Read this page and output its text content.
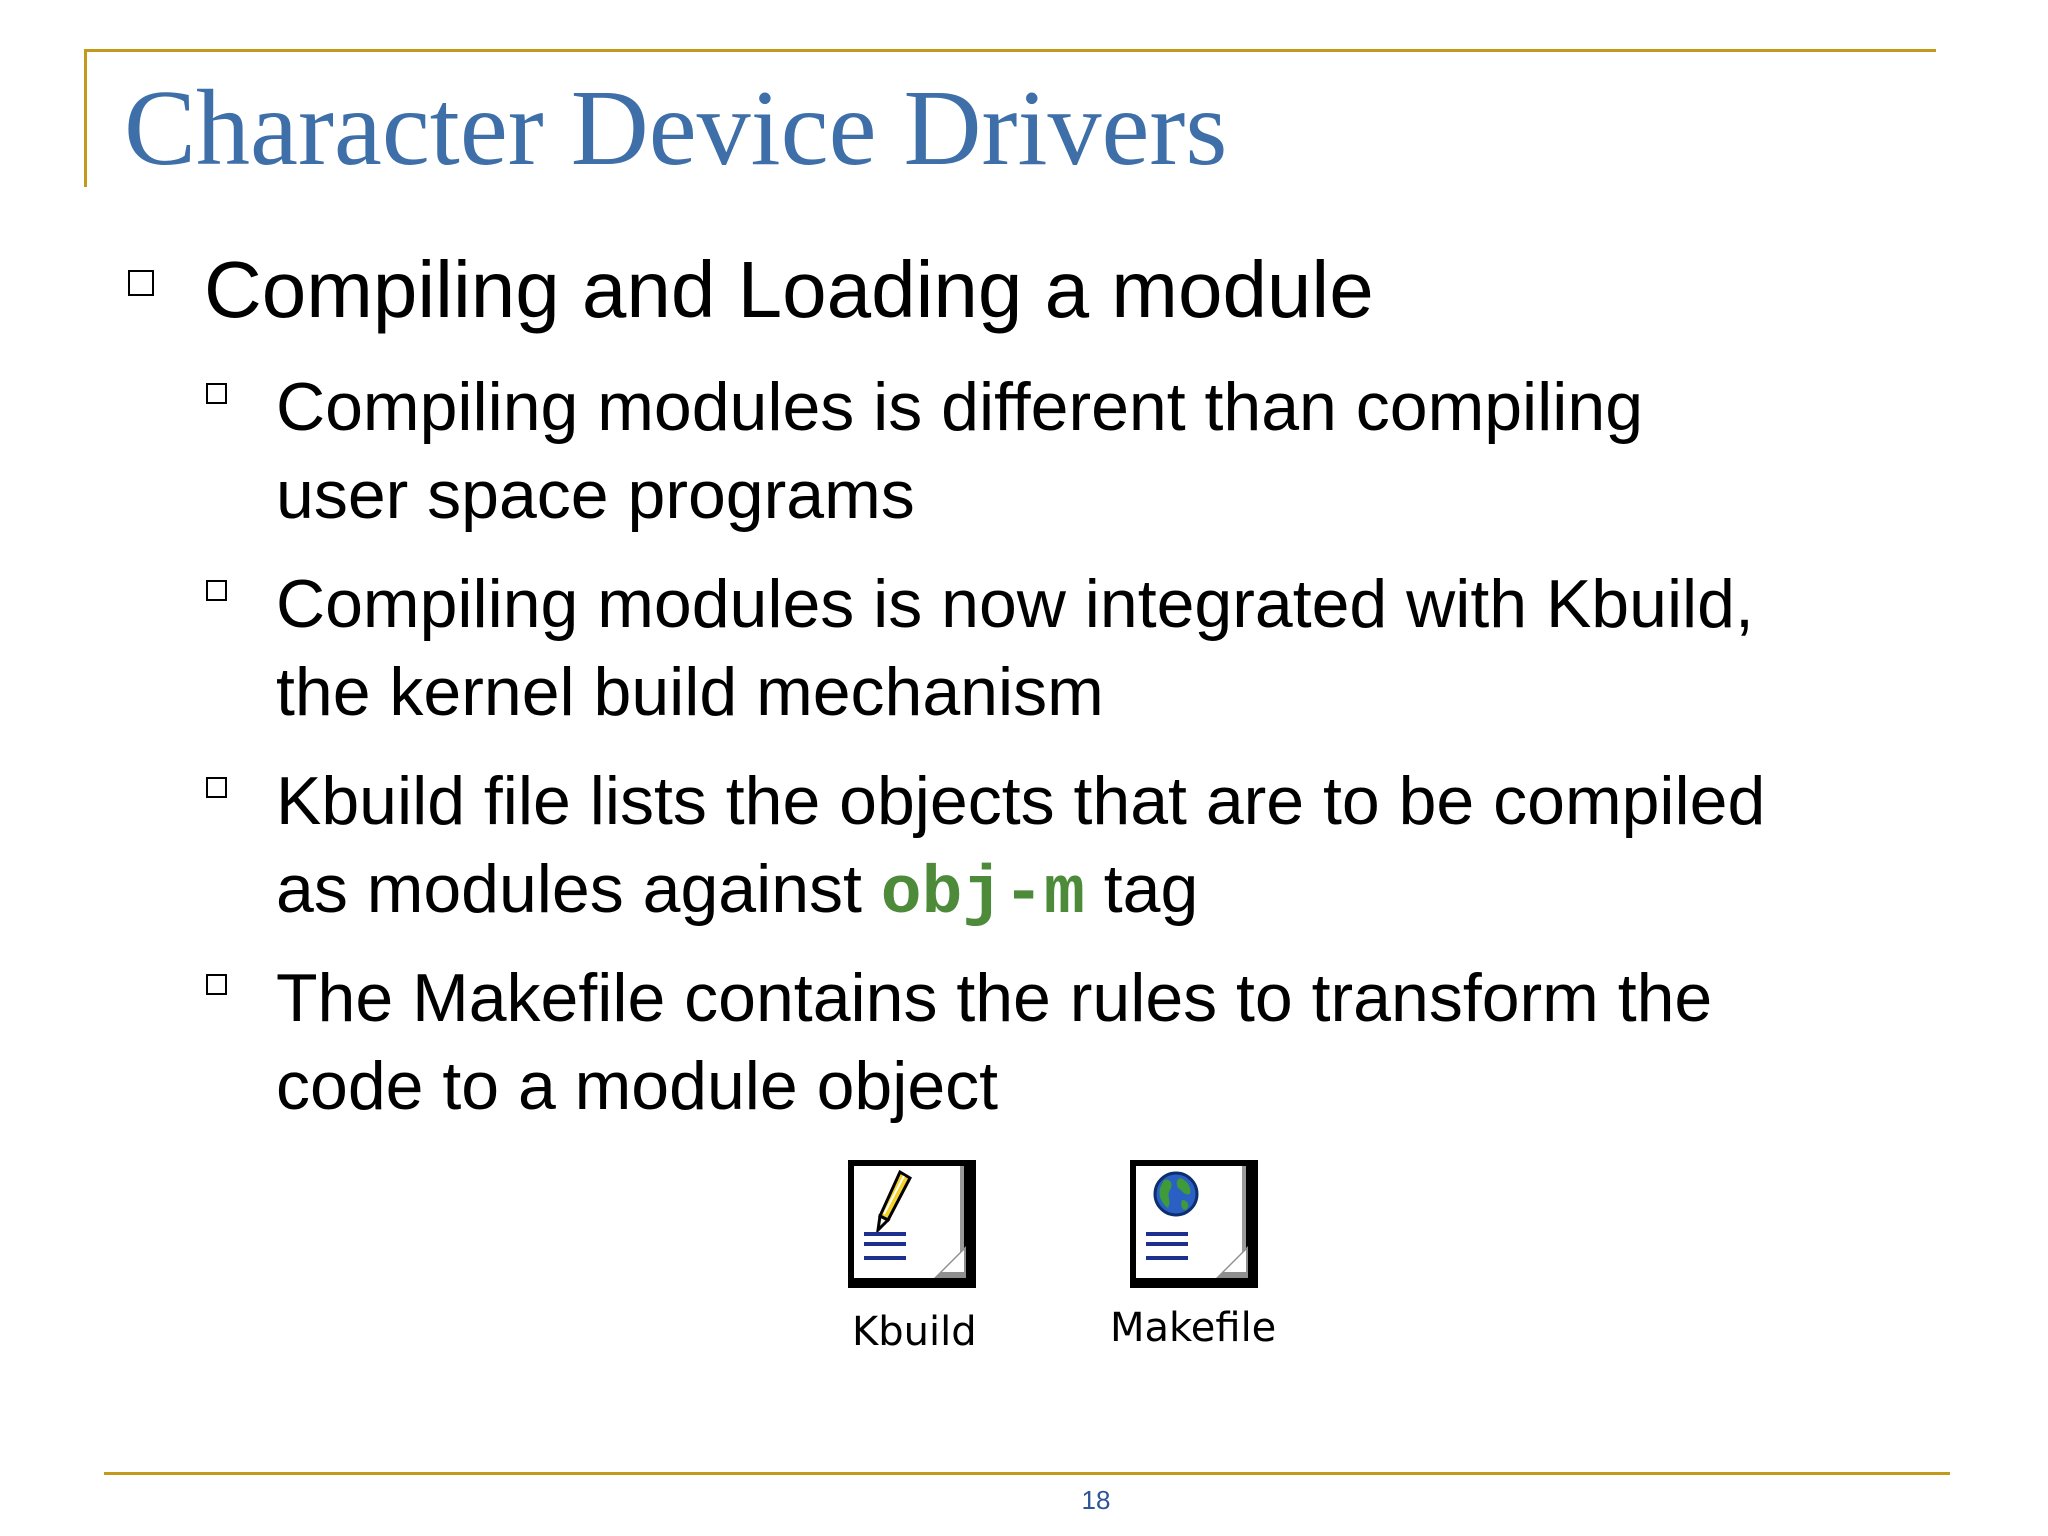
Character Device Drivers
Compiling and Loading a module
Compiling modules is different than compiling
user space programs
Compiling modules is now integrated with Kbuild,
the kernel build mechanism
Kbuild file lists the objects that are to be compiled
as modules against obj-m tag
The Makefile contains the rules to transform the
code to a module object
Kbuild	Makefile
18
